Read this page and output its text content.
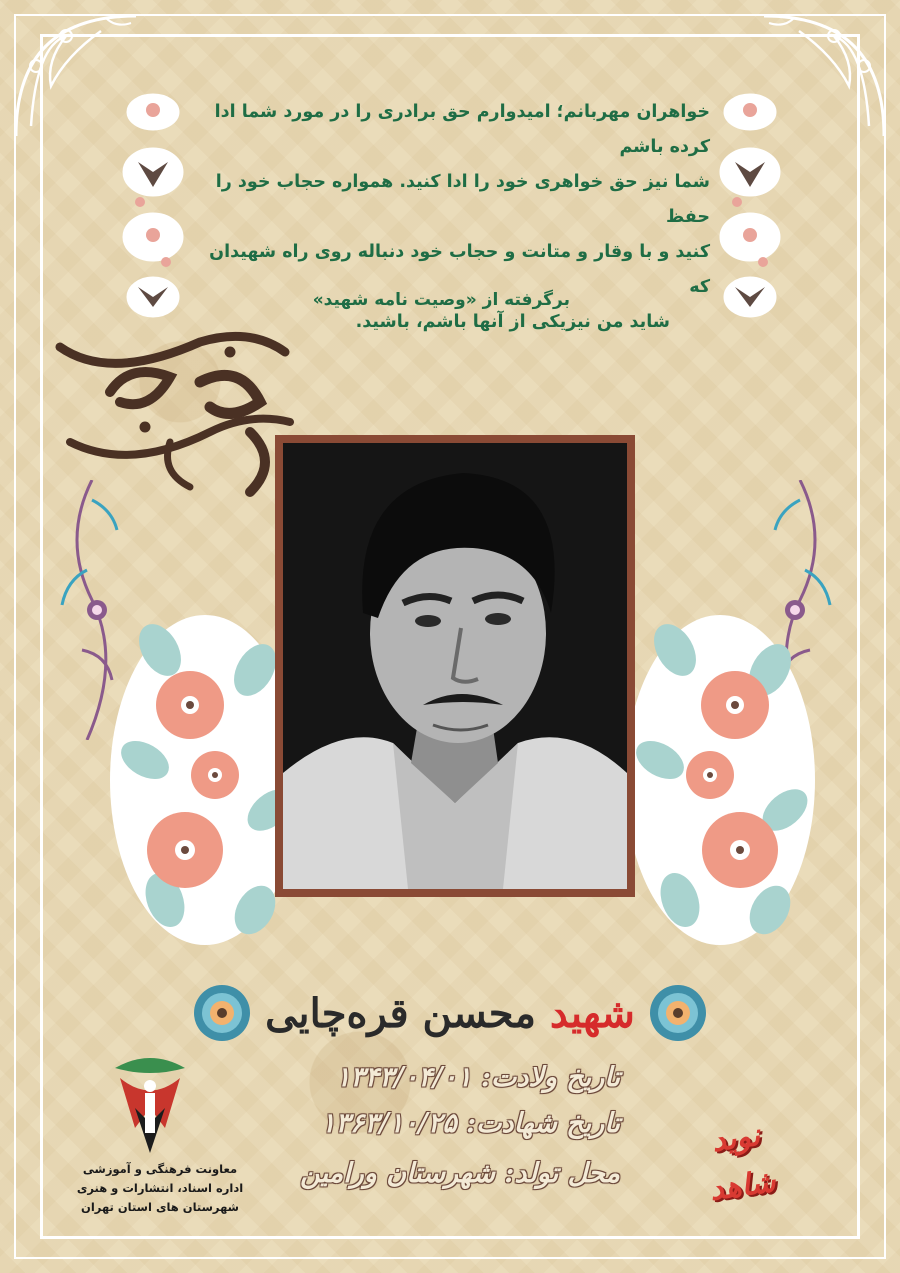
خواهران مهربانم؛ امیدوارم حق برادری را در مورد شما ادا کرده باشم
شما نیز حق خواهری خود را ادا کنید. همواره حجاب خود را حفظ
کنید و با وقار و متانت و حجاب خود دنباله روی راه شهیدان که
شاید من نیزیکی از آنها باشم، باشید.
برگرفته از «وصیت نامه شهید»
شهید محسن قره‌چایی
تاریخ ولادت: ۱۳۴۳/۰۴/۰۱
تاریخ شهادت: ۱۳۶۳/۱۰/۲۵
محل تولد: شهرستان ورامین
معاونت فرهنگی و آموزشی
اداره اسناد، انتشارات و هنری
شهرستان های استان تهران
نوید شاهد
